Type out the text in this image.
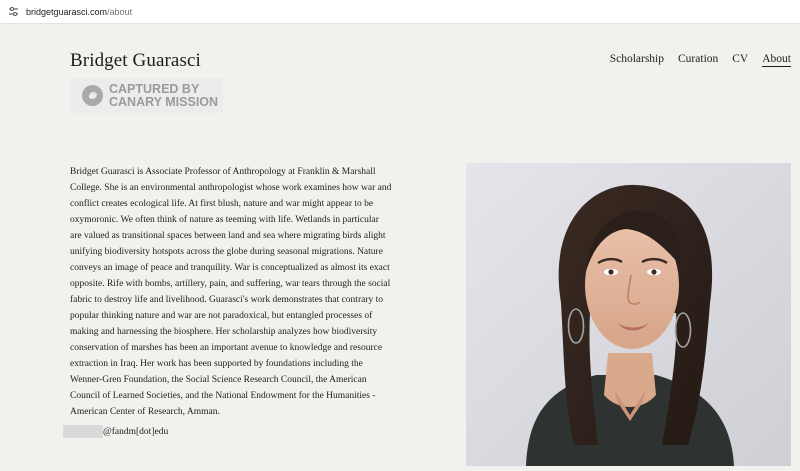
bridgetguarasci.com/about
Bridget Guarasci	Scholarship Curation CV About
CAPTURED BY
CANARY MISSION
Bridget Guarasci is Associate Professor of Anthropology at Franklin & Marshall
College. She is an environmental anthropologist whose work examines how war and
conflict creates ecological life. At first blush, nature and war might appear to be
oxymoronic. We often think of nature as teeming with life. Wetlands in particular
are valued as transitional spaces between land and sea where migrating birds alight
unifying biodiversity hotspots across the globe during seasonal migrations. Nature
conveys an image of peace and tranquility. War is conceptualized as almost its exact
opposite. Rife with bombs, artillery, pain, and suffering, war tears through the social
fabric to destroy life and livelihood. Guarasci's work demonstrates that contrary to
popular thinking nature and war are not paradoxical, but entangled processes of
making and harnessing the biosphere. Her scholarship analyzes how biodiversity
conservation of marshes has been an important avenue to knowledge and resource
extraction in Iraq. Her work has been supported by foundations including the
Wenner-Gren Foundation, the Social Science Research Council, the American
Council of Learned Societies, and the National Endowment for the Humanities -
American Center of Research, Amman.
@fandm[dot]edu
